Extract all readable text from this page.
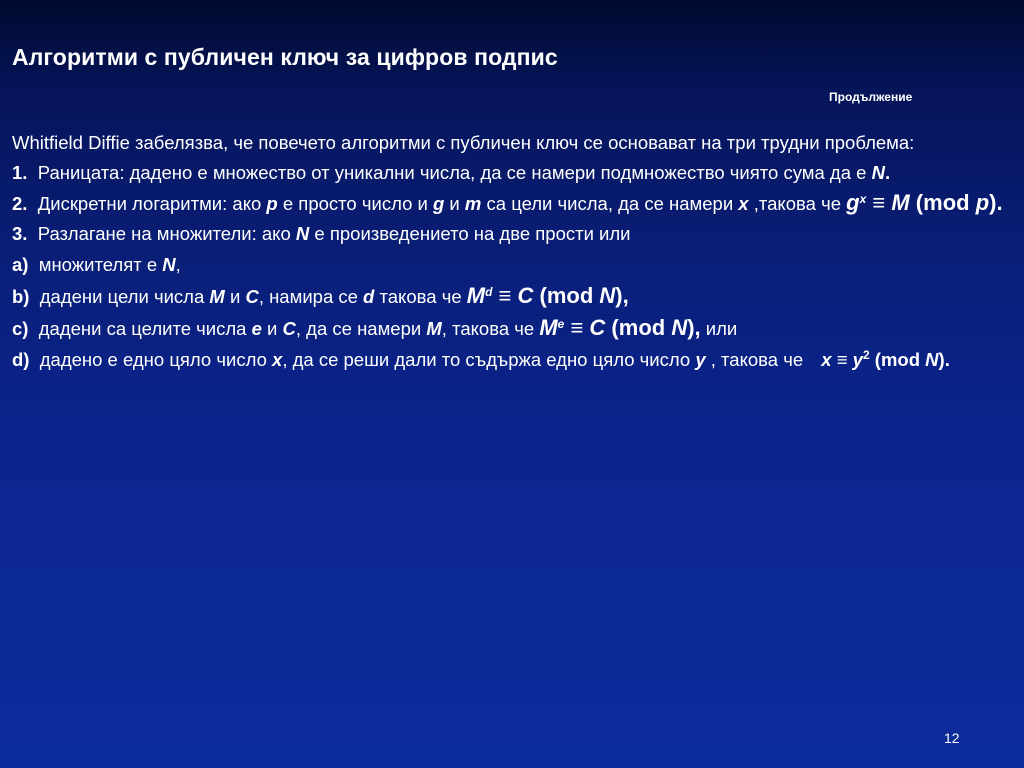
Алгоритми с публичен ключ за цифров подпис
Продължение

Whitfield Diffie забелязва, че повечето алгоритми с публичен ключ се основават на три трудни проблема:

1. Раницата: дадено е множество от уникални числа, да се намери подмножество чиято сума да е N.

2. Дискретни логаритми: ако p е просто число и g и m са цели числа, да се намери x ,такова че $g^x \equiv M$ (mod p).

3. Разлагане на множители: ако N е произведението на две прости или

a) множителят е N,

b) дадени цели числа M и C, намира се d такова че $M^d \equiv C$ (mod N),

c) дадени са целите числа e и C, да се намери M, такова че $M^e \equiv C$ (mod N), или

d) дадено е едно цяло число x, да се реши дали то съдържа едно цяло число y , такова че $x \equiv y^2$ (mod N).

12
